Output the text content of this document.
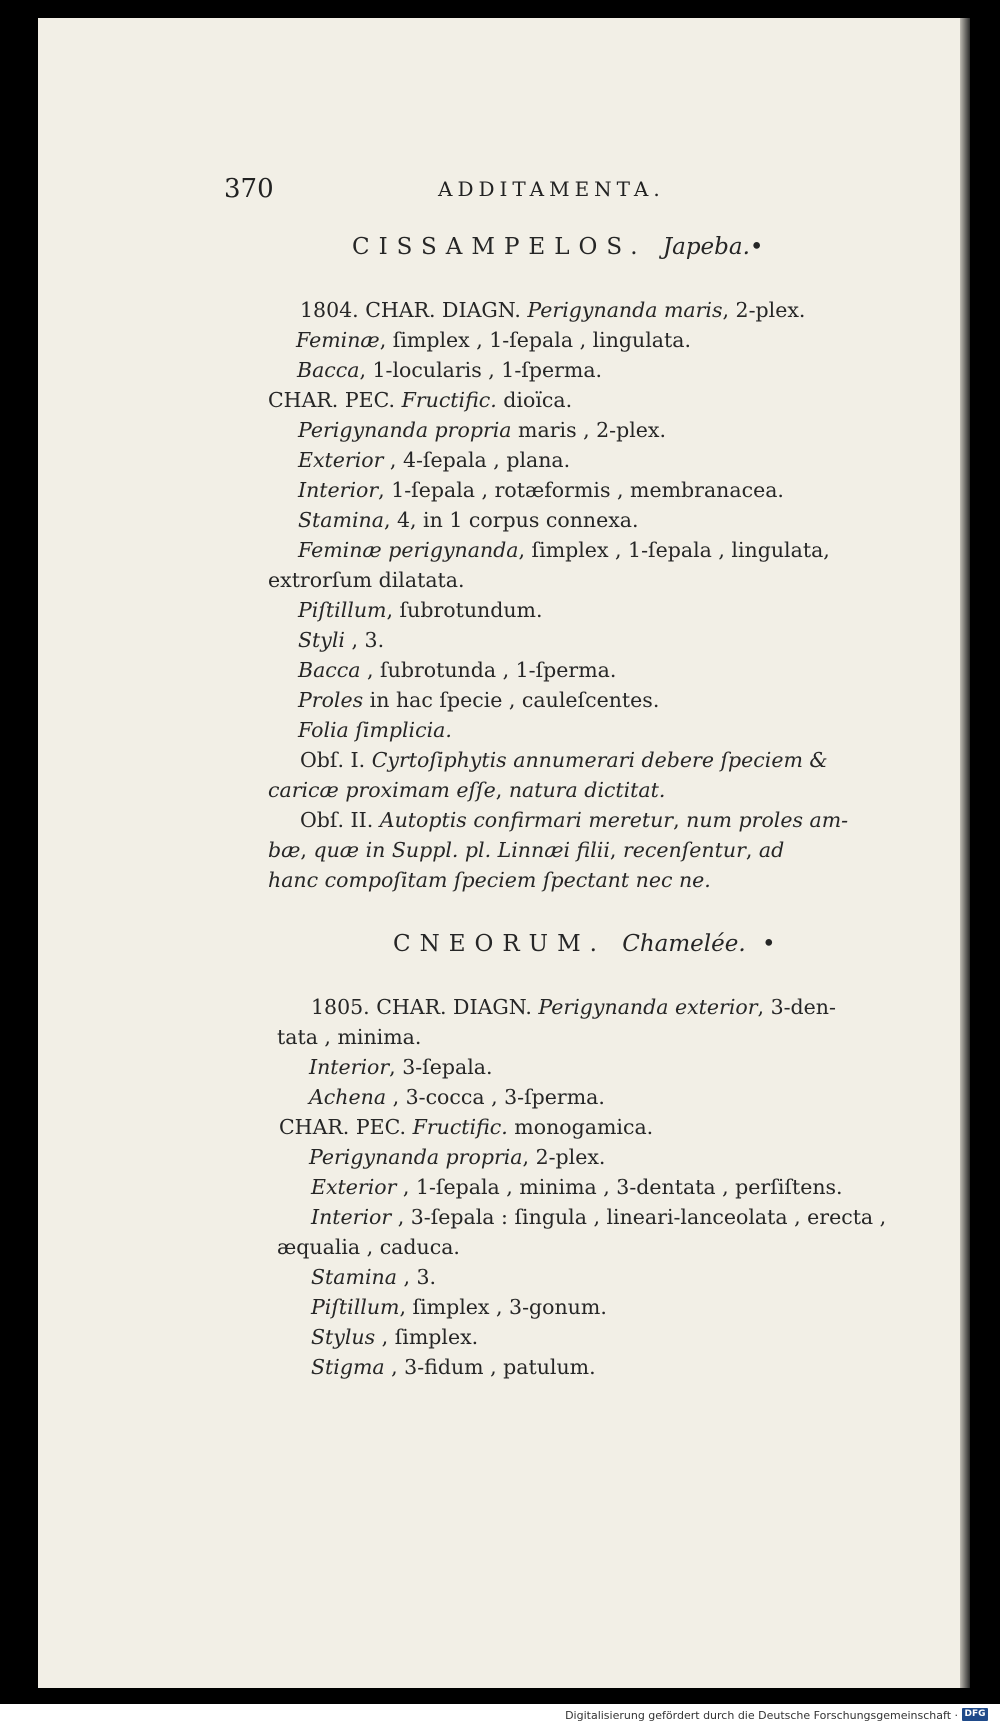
370	ADDITAMENTA.
CISSAMPELOS. Japeba.•
1804. CHAR. DIAGN. Perigynanda maris, 2-plex.
Feminæ, ſimplex , 1-ſepala , lingulata.
Bacca, 1-locularis , 1-ſperma.
CHAR. PEC. Fructific. dioïca.
Perigynanda propria maris , 2-plex.
Exterior , 4-ſepala , plana.
Interior, 1-ſepala , rotæformis , membranacea.
Stamina, 4, in 1 corpus connexa.
Feminæ perigynanda, ſimplex , 1-ſepala , lingulata,
extrorſum dilatata.
Piſtillum, ſubrotundum.
Styli , 3.
Bacca , ſubrotunda , 1-ſperma.
Proles in hac ſpecie , cauleſcentes.
Folia ſimplicia.
Obſ. I. Cyrtoſiphytis annumerari debere ſpeciem &
caricæ proximam eſſe, natura dictitat.
Obſ. II. Autoptis confirmari meretur, num proles am-
bæ, quæ in Suppl. pl. Linnæi filii, recenſentur, ad
hanc compoſitam ſpeciem ſpectant nec ne.
CNEORUM. Chamelée. •
1805. CHAR. DIAGN. Perigynanda exterior, 3-den-
tata , minima.
Interior, 3-ſepala.
Achena , 3-cocca , 3-ſperma.
CHAR. PEC. Fructific. monogamica.
Perigynanda propria, 2-plex.
Exterior , 1-ſepala , minima , 3-dentata , perſiſtens.
Interior , 3-ſepala : ſingula , lineari-lanceolata , erecta ,
æqualia , caduca.
Stamina , 3.
Piſtillum, ſimplex , 3-gonum.
Stylus , ſimplex.
Stigma , 3-fidum , patulum.
Digitalisierung gefördert durch die Deutsche Forschungsgemeinschaft · DFG
